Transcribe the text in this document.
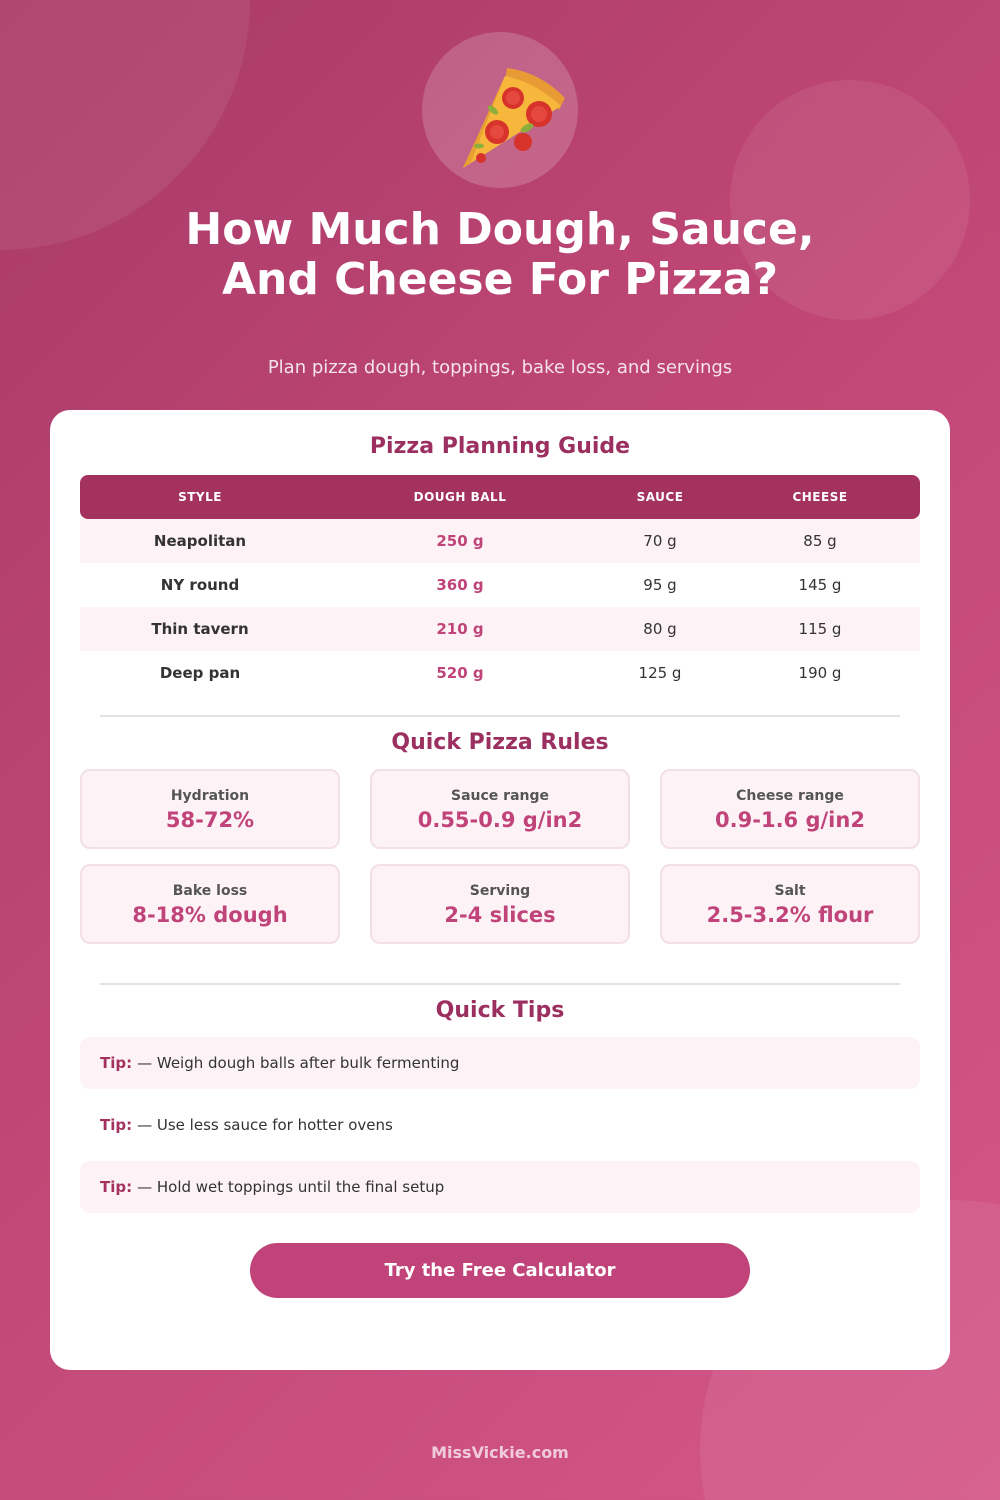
How Much Dough, Sauce,
And Cheese For Pizza?
Plan pizza dough, toppings, bake loss, and servings
Pizza Planning Guide
STYLE	DOUGH BALL	SAUCE	CHEESE
Neapolitan	250 g	70 g	85 g
NY round	360 g	95 g	145 g
Thin tavern	210 g	80 g	115 g
Deep pan	520 g	125 g	190 g
Quick Pizza Rules
Hydration
58-72%
Sauce range
0.55-0.9 g/in2
Cheese range
0.9-1.6 g/in2
Bake loss
8-18% dough
Serving
2-4 slices
Salt
2.5-3.2% flour
Quick Tips
Tip: — Weigh dough balls after bulk fermenting
Tip: — Use less sauce for hotter ovens
Tip: — Hold wet toppings until the final setup
Try the Free Calculator
MissVickie.com
